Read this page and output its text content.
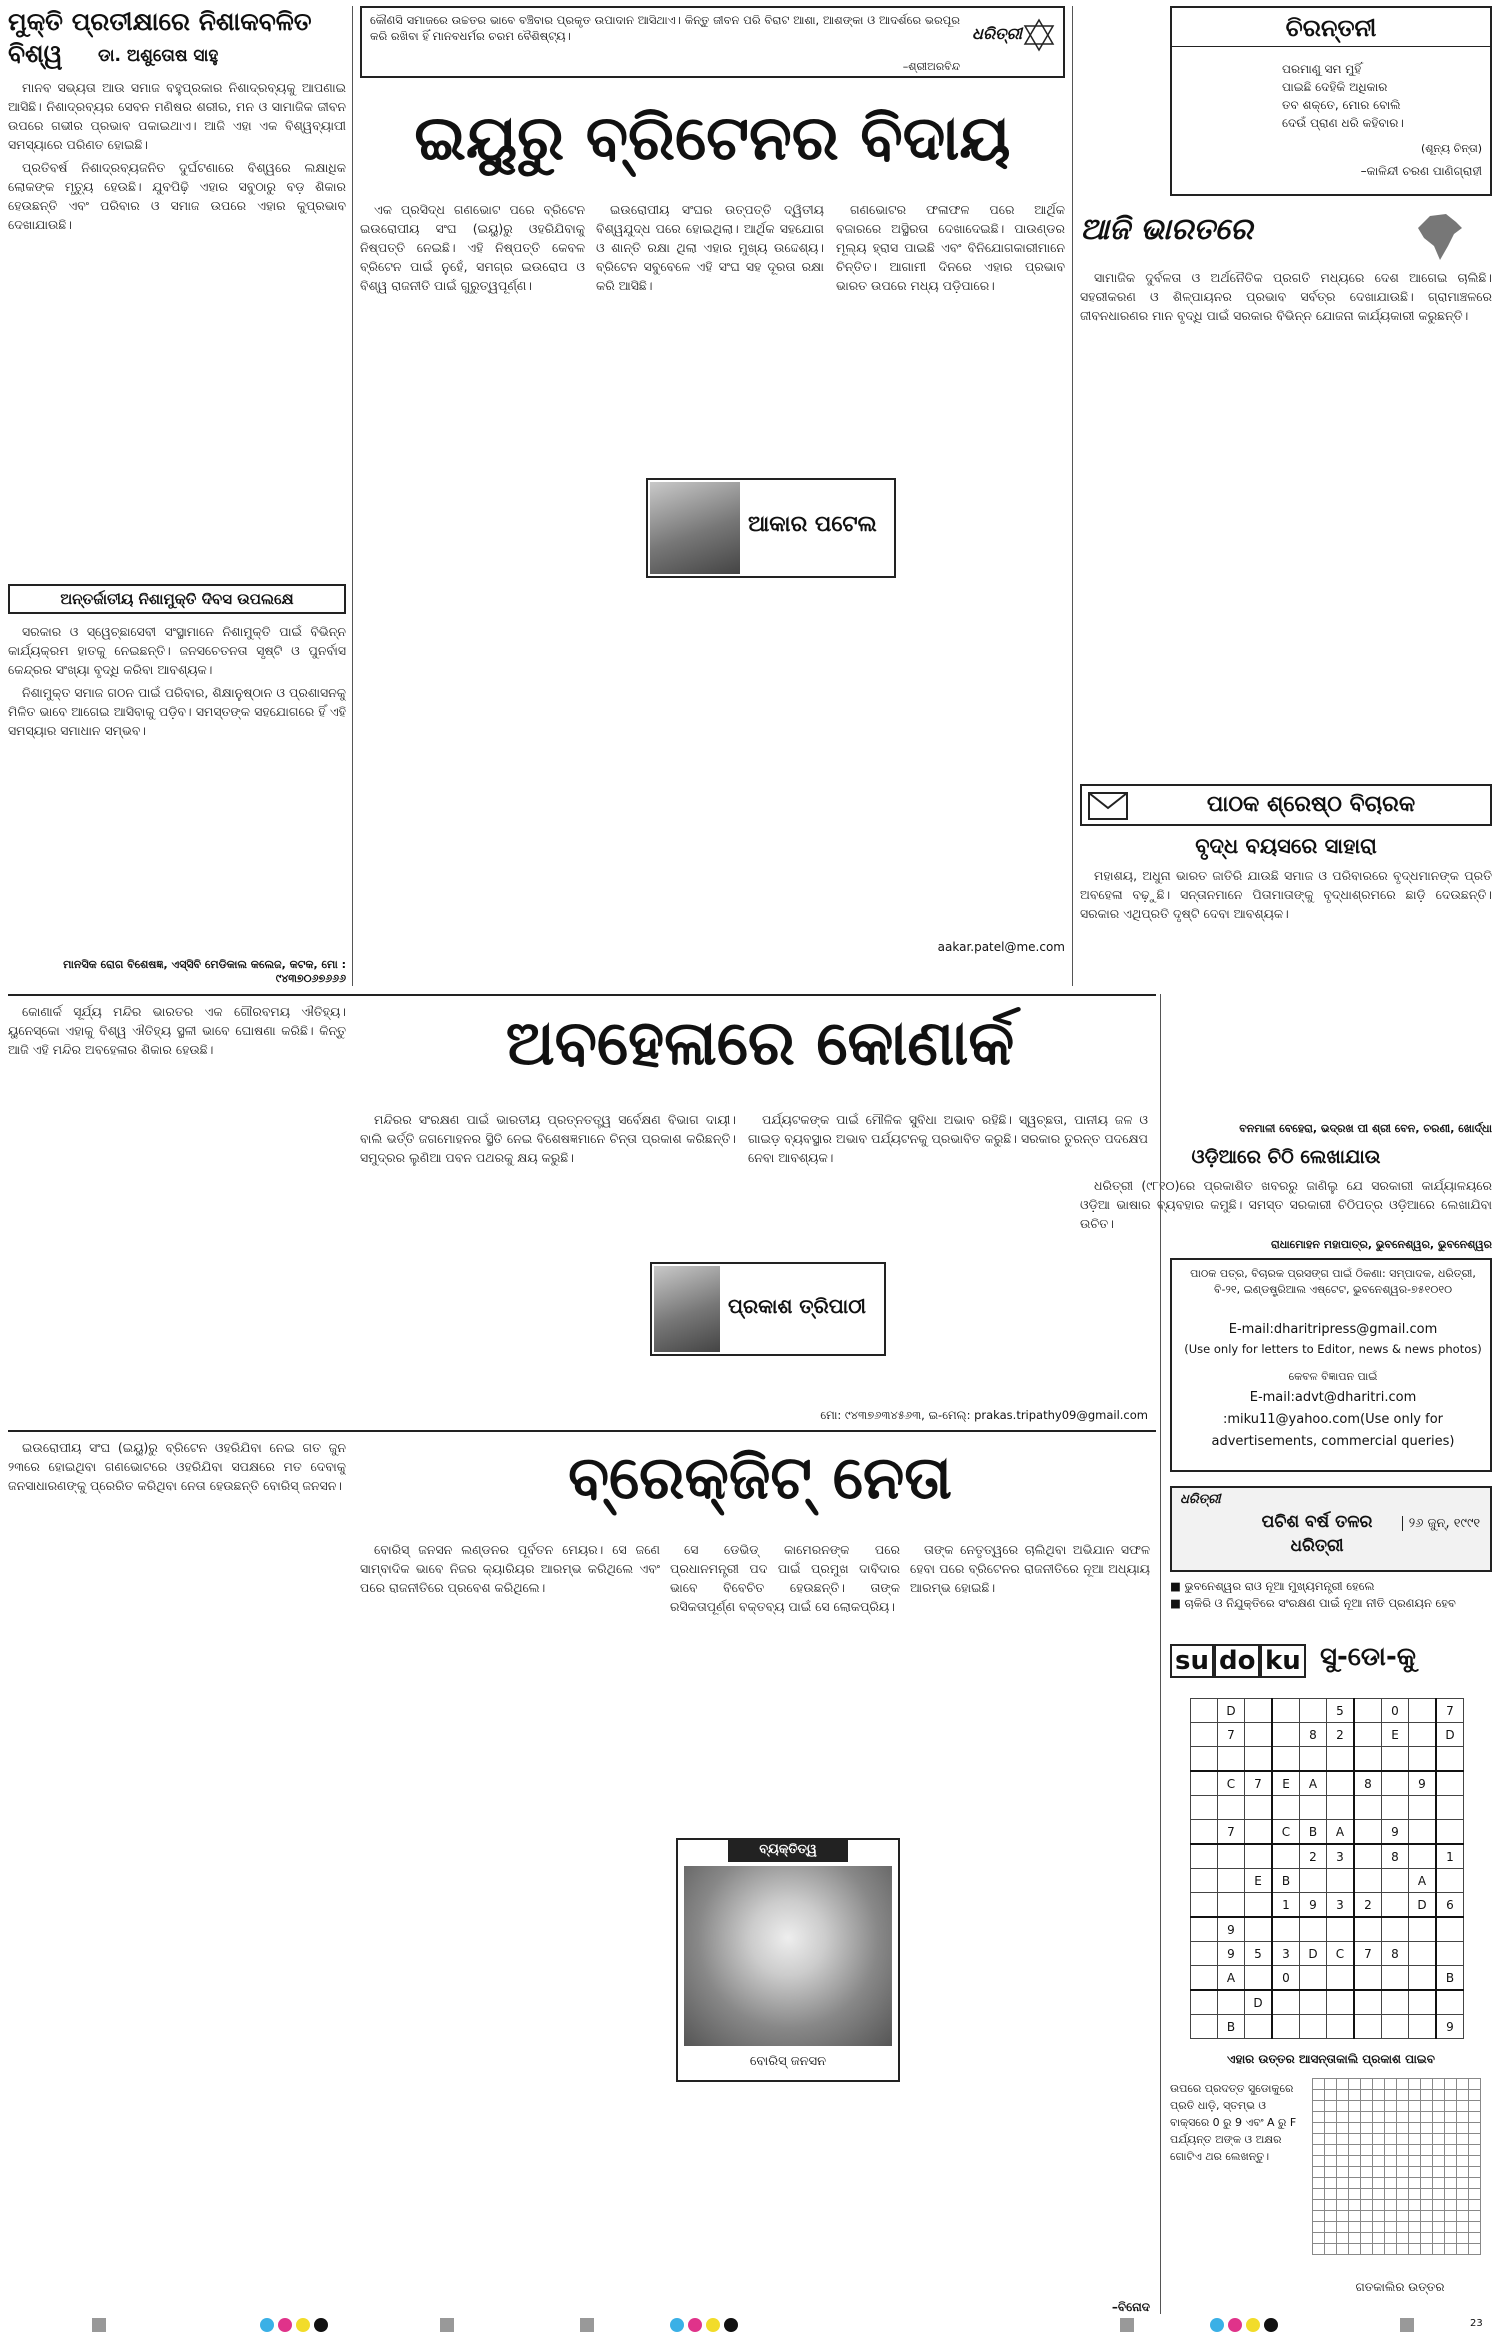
ମୁକ୍ତି ପ୍ରତୀକ୍ଷାରେ ନିଶାକବଳିତ ବିଶ୍ୱ	ଡା. ଅଶୁତୋଷ ସାହୁ

ମାନବ ସଭ୍ୟତା ଆଉ ସମାଜ ବହୁପ୍ରକାର ନିଶାଦ୍ରବ୍ୟକୁ ଆପଣାଇ ଆସିଛି। ନିଶାଦ୍ରବ୍ୟର ସେବନ ମଣିଷର ଶରୀର, ମନ ଓ ସାମାଜିକ ଜୀବନ ଉପରେ ଗଭୀର ପ୍ରଭାବ ପକାଇଥାଏ। ଆଜି ଏହା ଏକ ବିଶ୍ୱବ୍ୟାପୀ ସମସ୍ୟାରେ ପରିଣତ ହୋଇଛି।

ପ୍ରତିବର୍ଷ ନିଶାଦ୍ରବ୍ୟଜନିତ ଦୁର୍ଘଟଣାରେ ବିଶ୍ୱରେ ଲକ୍ଷାଧିକ ଲୋକଙ୍କ ମୃତ୍ୟୁ ହେଉଛି। ଯୁବପିଢ଼ି ଏହାର ସବୁଠାରୁ ବଡ଼ ଶିକାର ହେଉଛନ୍ତି ଏବଂ ପରିବାର ଓ ସମାଜ ଉପରେ ଏହାର କୁପ୍ରଭାବ ଦେଖାଯାଉଛି।

ଅନ୍ତର୍ଜାତୀୟ ନିଶାମୁକ୍ତି ଦିବସ ଉପଲକ୍ଷେ

ସରକାର ଓ ସ୍ୱେଚ୍ଛାସେବୀ ସଂସ୍ଥାମାନେ ନିଶାମୁକ୍ତି ପାଇଁ ବିଭିନ୍ନ କାର୍ଯ୍ୟକ୍ରମ ହାତକୁ ନେଇଛନ୍ତି। ଜନସଚେତନତା ସୃଷ୍ଟି ଓ ପୁନର୍ବାସ କେନ୍ଦ୍ରର ସଂଖ୍ୟା ବୃଦ୍ଧି କରିବା ଆବଶ୍ୟକ।

ନିଶାମୁକ୍ତ ସମାଜ ଗଠନ ପାଇଁ ପରିବାର, ଶିକ୍ଷାନୁଷ୍ଠାନ ଓ ପ୍ରଶାସନକୁ ମିଳିତ ଭାବେ ଆଗେଇ ଆସିବାକୁ ପଡ଼ିବ। ସମସ୍ତଙ୍କ ସହଯୋଗରେ ହିଁ ଏହି ସମସ୍ୟାର ସମାଧାନ ସମ୍ଭବ।

ମାନସିକ ରୋଗ ବିଶେଷଜ୍ଞ, ଏସ୍‌ସିବି ମେଡିକାଲ କଲେଜ, କଟକ, ମୋ : ୯୪୩୭୦୬୭୬୬୬
କୌଣସି ସମାଜରେ ଉଚ୍ଚତର ଭାବେ ବଞ୍ଚିବାର ପ୍ରକୃତ ଉପାଦାନ ଆସିଥାଏ। କିନ୍ତୁ ଜୀବନ ପରି ବିରାଟ ଆଶା, ଆଶଙ୍କା ଓ ଆଦର୍ଶରେ ଭରପୂର କରି ରଖିବା ହିଁ ମାନବଧର୍ମର ଚରମ ବୈଶିଷ୍ଟ୍ୟ।
–ଶ୍ରୀଅରବିନ୍ଦ
ଧରିତ୍ରୀ
ଇୟୁରୁ ବ୍ରିଟେନର ବିଦାୟ

ଏକ ପ୍ରସିଦ୍ଧ ଗଣଭୋଟ ପରେ ବ୍ରିଟେନ ଇଉରୋପୀୟ ସଂଘ (ଇୟୁ)ରୁ ଓହରିଯିବାକୁ ନିଷ୍ପତ୍ତି ନେଇଛି। ଏହି ନିଷ୍ପତ୍ତି କେବଳ ବ୍ରିଟେନ ପାଇଁ ନୁହେଁ, ସମଗ୍ର ଇଉରୋପ ଓ ବିଶ୍ୱ ରାଜନୀତି ପାଇଁ ଗୁରୁତ୍ୱପୂର୍ଣ୍ଣ।

ଇଉରୋପୀୟ ସଂଘର ଉତ୍ପତ୍ତି ଦ୍ୱିତୀୟ ବିଶ୍ୱଯୁଦ୍ଧ ପରେ ହୋଇଥିଲା। ଆର୍ଥିକ ସହଯୋଗ ଓ ଶାନ୍ତି ରକ୍ଷା ଥିଲା ଏହାର ମୁଖ୍ୟ ଉଦ୍ଦେଶ୍ୟ। ବ୍ରିଟେନ ସବୁବେଳେ ଏହି ସଂଘ ସହ ଦୂରତା ରକ୍ଷା କରି ଆସିଛି।

ଗଣଭୋଟର ଫଳାଫଳ ପରେ ଆର୍ଥିକ ବଜାରରେ ଅସ୍ଥିରତା ଦେଖାଦେଇଛି। ପାଉଣ୍ଡର ମୂଲ୍ୟ ହ୍ରାସ ପାଇଛି ଏବଂ ବିନିଯୋଗକାରୀମାନେ ଚିନ୍ତିତ। ଆଗାମୀ ଦିନରେ ଏହାର ପ୍ରଭାବ ଭାରତ ଉପରେ ମଧ୍ୟ ପଡ଼ିପାରେ।

ଆକାର ପଟେଲ
aakar.patel@me.com
ଚିରନ୍ତନୀ
ପରମାଣୁ ସମ ମୁହିଁ
ପାଇଛି ଦେହିକି ଅଧିକାର
ତବ ଶକ୍ତେ, ମୋର ବୋଲି
ଦେଉଁ ପ୍ରାଣ ଧରି କହିବାର।
(ଶୂନ୍ୟ ଚିନ୍ତା)
–କାଳିନ୍ଦୀ ଚରଣ ପାଣିଗ୍ରାହୀ
ଆଜି ଭାରତରେ

ସାମାଜିକ ଦୁର୍ବଳତା ଓ ଅର୍ଥନୈତିକ ପ୍ରଗତି ମଧ୍ୟରେ ଦେଶ ଆଗେଇ ଚାଲିଛି। ସହରୀକରଣ ଓ ଶିଳ୍ପାୟନର ପ୍ରଭାବ ସର୍ବତ୍ର ଦେଖାଯାଉଛି। ଗ୍ରାମାଞ୍ଚଳରେ ଜୀବନଧାରଣର ମାନ ବୃଦ୍ଧି ପାଇଁ ସରକାର ବିଭିନ୍ନ ଯୋଜନା କାର୍ଯ୍ୟକାରୀ କରୁଛନ୍ତି।

ପାଠକ ଶ୍ରେଷ୍ଠ ବିଚାରକ
ବୃଦ୍ଧ ବୟସରେ ସାହାରା

ମହାଶୟ, ଅଧୁନା ଭାରତ ଜାତିରି ଯାଉଛି ସମାଜ ଓ ପରିବାରରେ ବୃଦ୍ଧମାନଙ୍କ ପ୍ରତି ଅବହେଳା ବଢ଼ୁଛି। ସନ୍ତାନମାନେ ପିତାମାତାଙ୍କୁ ବୃଦ୍ଧାଶ୍ରମରେ ଛାଡ଼ି ଦେଉଛନ୍ତି। ସରକାର ଏଥିପ୍ରତି ଦୃଷ୍ଟି ଦେବା ଆବଶ୍ୟକ।

ବନମାଳୀ ବେହେରା, ଭଦ୍ରଖ ପୀ ଶ୍ରୀ ବେନ, ଚରଣୀ, ଖୋର୍ଦ୍ଧା
ଓଡ଼ିଆରେ ଚିଠି ଲେଖାଯାଉ

ଧରିତ୍ରୀ (୯୮୧୦)ରେ ପ୍ରକାଶିତ ଖବରରୁ ଜାଣିଲୁ ଯେ ସରକାରୀ କାର୍ଯ୍ୟାଳୟରେ ଓଡ଼ିଆ ଭାଷାର ବ୍ୟବହାର କମୁଛି। ସମସ୍ତ ସରକାରୀ ଚିଠିପତ୍ର ଓଡ଼ିଆରେ ଲେଖାଯିବା ଉଚିତ।

ରାଧାମୋହନ ମହାପାତ୍ର, ଭୁବନେଶ୍ୱର, ଭୁବନେଶ୍ୱର
ପାଠକ ପତ୍ର, ବିଚାରକ ପ୍ରସଙ୍ଗ ପାଇଁ ଠିକଣା: ସମ୍ପାଦକ, ଧରିତ୍ରୀ, ବି-୨୧, ଇଣ୍ଡଷ୍ଟ୍ରିଆଲ ଏଷ୍ଟେଟ, ଭୁବନେଶ୍ୱର-୭୫୧୦୧୦
E-mail:dharitripress@gmail.com
(Use only for letters to Editor, news & news photos)
କେବଳ ବିଜ୍ଞାପନ ପାଇଁ
E-mail:advt@dharitri.com
:miku11@yahoo.com(Use only for
advertisements, commercial queries)
ଧରିତ୍ରୀ
ପଚିଶ ବର୍ଷ ତଳର ଧରିତ୍ରୀ
୨୬ ଜୁନ୍, ୧୯୯୧
■ ଭୁବନେଶ୍ୱର ରାଓ ନୂଆ ମୁଖ୍ୟମନ୍ତ୍ରୀ ହେଲେ
■ ଚାକିରି ଓ ନିଯୁକ୍ତିରେ ସଂରକ୍ଷଣ ପାଇଁ ନୂଆ ନୀତି ପ୍ରଣୟନ ହେବ
su do ku ସୁ-ଡୋ-କୁ
	D				5		0		7
	7			8	2		E		D

	C	7	E	A		8		9	

	7		C	B	A		9		
				2	3		8		1
		E	B					A	
			1	9	3	2		D	6
	9								
	9	5	3	D	C	7	8		
	A		0						B
		D							
	B								9
ଏହାର ଉତ୍ତର ଆସନ୍ତାକାଲି ପ୍ରକାଶ ପାଇବ
ଉପରେ ପ୍ରଦତ୍ତ ସୁଡୋକୁରେ ପ୍ରତି ଧାଡ଼ି, ସ୍ତମ୍ଭ ଓ ବାକ୍ସରେ 0 ରୁ 9 ଏବଂ A ରୁ F ପର୍ଯ୍ୟନ୍ତ ଅଙ୍କ ଓ ଅକ୍ଷର ଗୋଟିଏ ଥର ଲେଖନ୍ତୁ।

ଗତକାଲିର ଉତ୍ତର

କୋଣାର୍କ ସୂର୍ଯ୍ୟ ମନ୍ଦିର ଭାରତର ଏକ ଗୌରବମୟ ଐତିହ୍ୟ। ୟୁନେସ୍କୋ ଏହାକୁ ବିଶ୍ୱ ଐତିହ୍ୟ ସ୍ଥଳୀ ଭାବେ ଘୋଷଣା କରିଛି। କିନ୍ତୁ ଆଜି ଏହି ମନ୍ଦିର ଅବହେଳାର ଶିକାର ହେଉଛି।	ଅବହେଳାରେ କୋଣାର୍କ

ମନ୍ଦିରର ସଂରକ୍ଷଣ ପାଇଁ ଭାରତୀୟ ପ୍ରତ୍ନତତ୍ତ୍ୱ ସର୍ବେକ୍ଷଣ ବିଭାଗ ଦାୟୀ। ବାଲି ଭର୍ତ୍ତି ଜଗମୋହନର ସ୍ଥିତି ନେଇ ବିଶେଷଜ୍ଞମାନେ ଚିନ୍ତା ପ୍ରକାଶ କରିଛନ୍ତି। ସମୁଦ୍ରର ଲୁଣିଆ ପବନ ପଥରକୁ କ୍ଷୟ କରୁଛି।

ପର୍ଯ୍ୟଟକଙ୍କ ପାଇଁ ମୌଳିକ ସୁବିଧା ଅଭାବ ରହିଛି। ସ୍ୱଚ୍ଛତା, ପାନୀୟ ଜଳ ଓ ଗାଇଡ଼ ବ୍ୟବସ୍ଥାର ଅଭାବ ପର୍ଯ୍ୟଟନକୁ ପ୍ରଭାବିତ କରୁଛି। ସରକାର ତୁରନ୍ତ ପଦକ୍ଷେପ ନେବା ଆବଶ୍ୟକ।

ପ୍ରକାଶ ତ୍ରିପାଠୀ
ମୋ: ୯୪୩୭୬୩୪୫୬୩, ଇ-ମେଲ୍: prakas.tripathy09@gmail.com

ଇଉରୋପୀୟ ସଂଘ (ଇୟୁ)ରୁ ବ୍ରିଟେନ ଓହରିଯିବା ନେଇ ଗତ ଜୁନ ୨୩ରେ ହୋଇଥିବା ଗଣଭୋଟରେ ଓହରିଯିବା ସପକ୍ଷରେ ମତ ଦେବାକୁ ଜନସାଧାରଣଙ୍କୁ ପ୍ରେରିତ କରିଥିବା ନେତା ହେଉଛନ୍ତି ବୋରିସ୍ ଜନସନ।	ବ୍ରେକ୍‌ଜିଟ୍ ନେତା

ବୋରିସ୍ ଜନସନ ଲଣ୍ଡନର ପୂର୍ବତନ ମେୟର। ସେ ଜଣେ ସାମ୍ବାଦିକ ଭାବେ ନିଜର କ୍ୟାରିୟର ଆରମ୍ଭ କରିଥିଲେ ଏବଂ ପରେ ରାଜନୀତିରେ ପ୍ରବେଶ କରିଥିଲେ।

ସେ ଡେଭିଡ୍ କାମେରନଙ୍କ ପରେ ପ୍ରଧାନମନ୍ତ୍ରୀ ପଦ ପାଇଁ ପ୍ରମୁଖ ଦାବିଦାର ଭାବେ ବିବେଚିତ ହେଉଛନ୍ତି। ତାଙ୍କ ରସିକତାପୂର୍ଣ୍ଣ ବକ୍ତବ୍ୟ ପାଇଁ ସେ ଲୋକପ୍ରିୟ।

ତାଙ୍କ ନେତୃତ୍ୱରେ ଚାଲିଥିବା ଅଭିଯାନ ସଫଳ ହେବା ପରେ ବ୍ରିଟେନର ରାଜନୀତିରେ ନୂଆ ଅଧ୍ୟାୟ ଆରମ୍ଭ ହୋଇଛି।

ବ୍ୟକ୍ତିତ୍ୱ
ବୋରିସ୍ ଜନସନ
–ବିନୋଦ
23
